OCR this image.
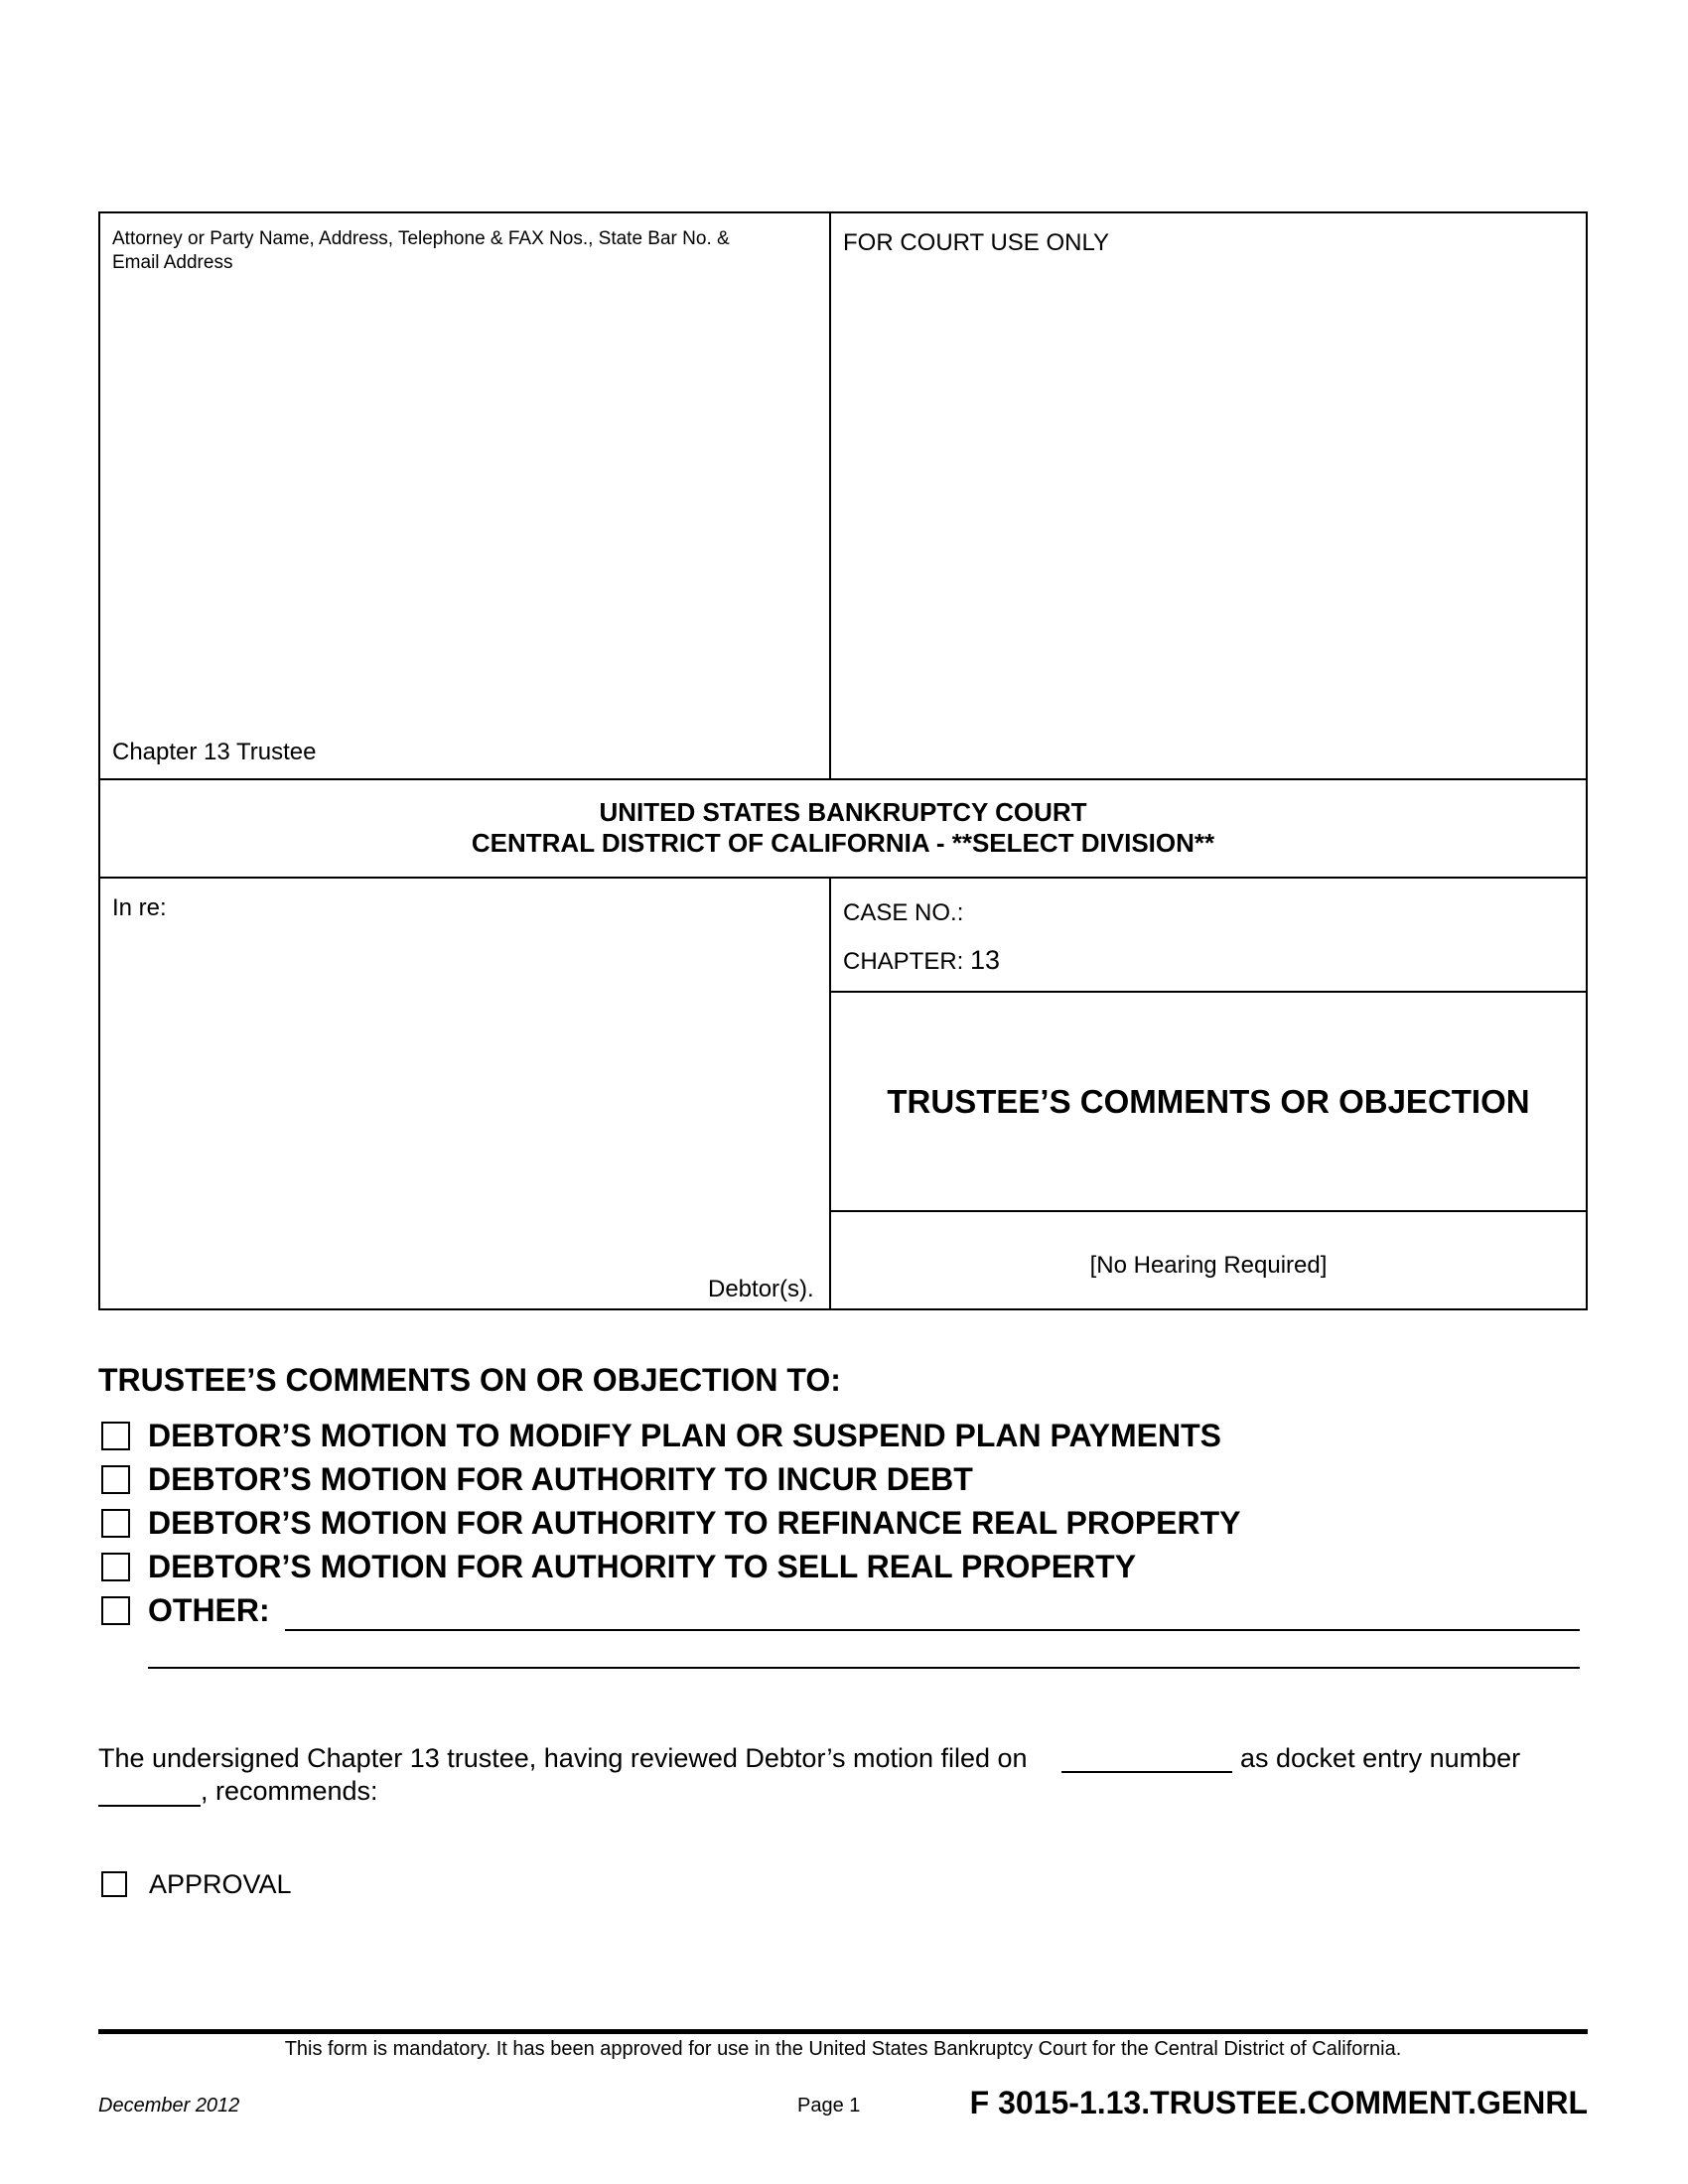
Attorney or Party Name, Address, Telephone & FAX Nos., State Bar No. &
Email Address
Chapter 13 Trustee
FOR COURT USE ONLY
UNITED STATES BANKRUPTCY COURT
CENTRAL DISTRICT OF CALIFORNIA - **SELECT DIVISION**
In re:
Debtor(s).
CASE NO.:
CHAPTER: 13
TRUSTEE’S COMMENTS OR OBJECTION
[No Hearing Required]
TRUSTEE’S COMMENTS ON OR OBJECTION TO:
DEBTOR’S MOTION TO MODIFY PLAN OR SUSPEND PLAN PAYMENTS
DEBTOR’S MOTION FOR AUTHORITY TO INCUR DEBT
DEBTOR’S MOTION FOR AUTHORITY TO REFINANCE REAL PROPERTY
DEBTOR’S MOTION FOR AUTHORITY TO SELL REAL PROPERTY
OTHER:
The undersigned Chapter 13 trustee, having reviewed Debtor’s motion filed on	as docket entry number
, recommends:
APPROVAL
This form is mandatory. It has been approved for use in the United States Bankruptcy Court for the Central District of California.
December 2012	Page 1	F 3015-1.13.TRUSTEE.COMMENT.GENRL
